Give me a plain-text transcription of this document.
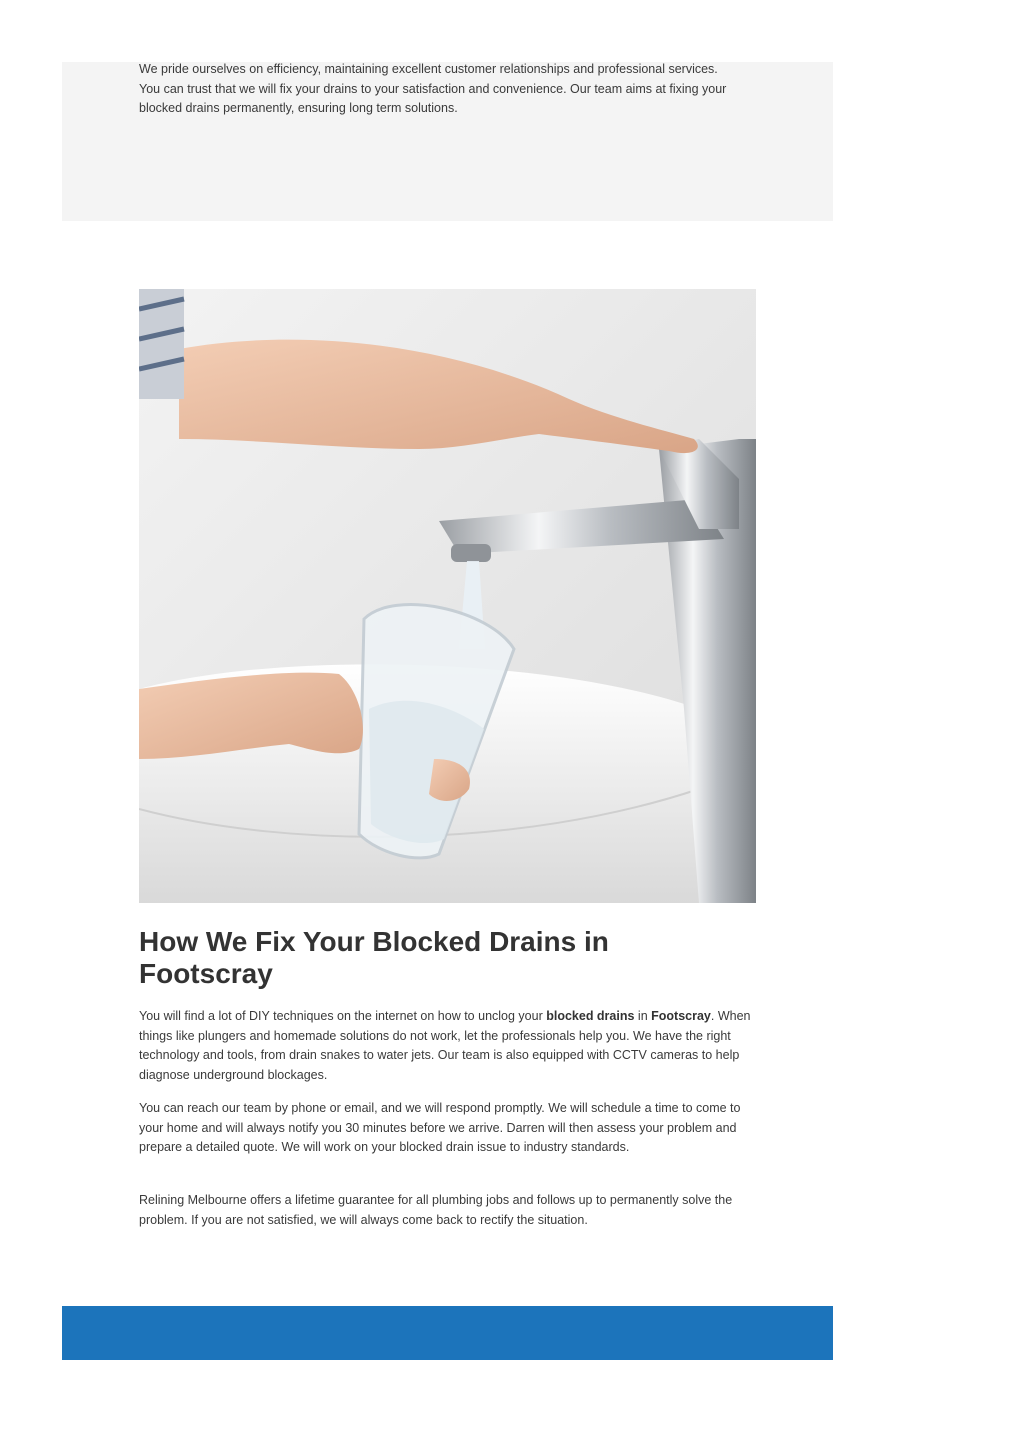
We pride ourselves on efficiency, maintaining excellent customer relationships and professional services. You can trust that we will fix your drains to your satisfaction and convenience. Our team aims at fixing your blocked drains permanently, ensuring long term solutions.

How We Fix Your Blocked Drains in Footscray

You will find a lot of DIY techniques on the internet on how to unclog your blocked drains in Footscray. When things like plungers and homemade solutions do not work, let the professionals help you. We have the right technology and tools, from drain snakes to water jets. Our team is also equipped with CCTV cameras to help diagnose underground blockages.

You can reach our team by phone or email, and we will respond promptly. We will schedule a time to come to your home and will always notify you 30 minutes before we arrive. Darren will then assess your problem and prepare a detailed quote. We will work on your blocked drain issue to industry standards.

Relining Melbourne offers a lifetime guarantee for all plumbing jobs and follows up to permanently solve the problem. If you are not satisfied, we will always come back to rectify the situation.
